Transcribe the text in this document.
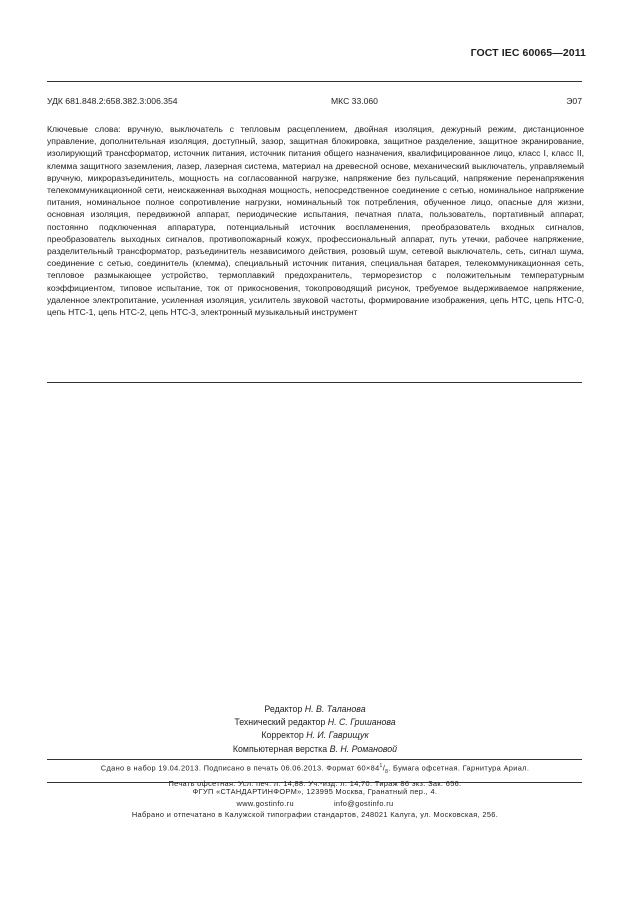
ГОСТ IEC 60065—2011
УДК 681.848.2:658.382.3:006.354	МКС 33.060	Э07
Ключевые слова: вручную, выключатель с тепловым расцеплением, двойная изоляция, дежурный режим, дистанционное управление, дополнительная изоляция, доступный, зазор, защитная блокировка, защитное разделение, защитное экранирование, изолирующий трансформатор, источник питания, источник питания общего назначения, квалифицированное лицо, класс I, класс II, клемма защитного заземления, лазер, лазерная система, материал на древесной основе, механический выключатель, управляемый вручную, микроразъединитель, мощность на согласованной нагрузке, напряжение без пульсаций, напряжение перенапряжения телекоммуникационной сети, неискаженная выходная мощность, непосредственное соединение с сетью, номинальное напряжение питания, номинальное полное сопротивление нагрузки, номинальный ток потребления, обученное лицо, опасные для жизни, основная изоляция, передвижной аппарат, периодические испытания, печатная плата, пользователь, портативный аппарат, постоянно подключенная аппаратура, потенциальный источник воспламенения, преобразователь входных сигналов, преобразователь выходных сигналов, противопожарный кожух, профессиональный аппарат, путь утечки, рабочее напряжение, разделительный трансформатор, разъединитель независимого действия, розовый шум, сетевой выключатель, сеть, сигнал шума, соединение с сетью, соединитель (клемма), специальный источник питания, специальная батарея, телекоммуникационная сеть, тепловое размыкающее устройство, термоплавкий предохранитель, терморезистор с положительным температурным коэффициентом, типовое испытание, ток от прикосновения, токопроводящий рисунок, требуемое выдерживаемое напряжение, удаленное электропитание, усиленная изоляция, усилитель звуковой частоты, формирование изображения, цепь НТС, цепь НТС-0, цепь НТС-1, цепь НТС-2, цепь НТС-3, электронный музыкальный инструмент
Редактор Н. В. Таланова
Технический редактор Н. С. Гришанова
Корректор Н. И. Гаврищук
Компьютерная верстка В. Н. Романовой
Сдано в набор 19.04.2013. Подписано в печать 06.06.2013. Формат $60\times 84^1/_8$. Бумага офсетная. Гарнитура Ариал.
Печать офсетная. Усл. печ. л. 14,88. Уч.-изд. л. 14,70. Тираж 86 экз. Зак. 656.
ФГУП «СТАНДАРТИНФОРМ», 123995 Москва, Гранатный пер., 4.
www.gostinfo.ru	info@gostinfo.ru
Набрано и отпечатано в Калужской типографии стандартов, 248021 Калуга, ул. Московская, 256.
